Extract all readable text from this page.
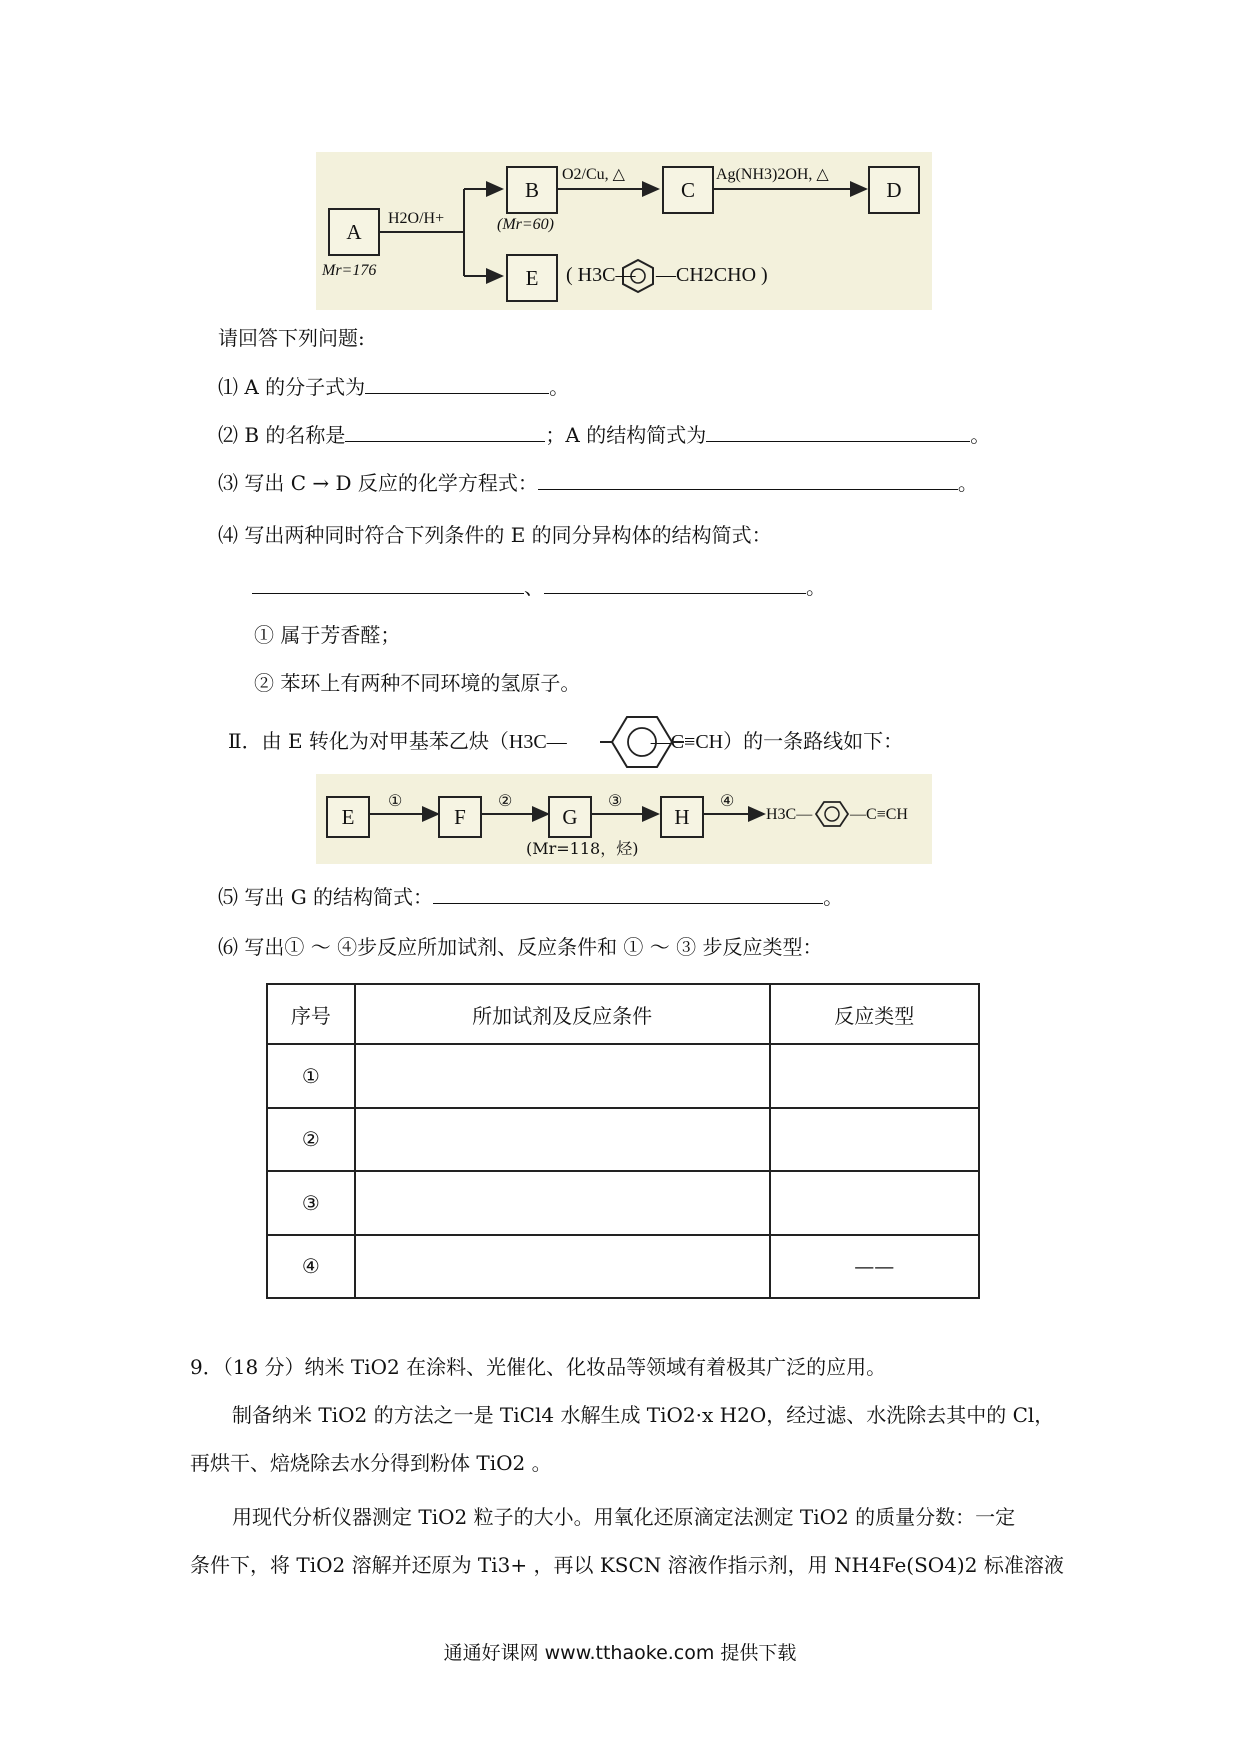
A
Mr=176
H2O/H+
B
(Mr=60)
O2/Cu, △
C
Ag(NH3)2OH, △
D
E	( H3C— —CH2CHO )
请回答下列问题:
⑴ A 的分子式为	。
⑵ B 的名称是	；A 的结构简式为	。
⑶ 写出 C → D 反应的化学方程式：	。
⑷ 写出两种同时符合下列条件的 E 的同分异构体的结构简式：
、	。
① 属于芳香醛；
② 苯环上有两种不同环境的氢原子。
Ⅱ．由 E 转化为对甲基苯乙炔（H3C—	—C≡CH）的一条路线如下：
E
①
F
②
G
(Mr=118，烃)
③
H
④
H3C— —C≡CH
⑸ 写出 G 的结构简式：	。
⑹ 写出① ～ ④步反应所加试剂、反应条件和 ① ～ ③ 步反应类型：
序号	所加试剂及反应条件	反应类型
①		
②		
③		
④		——
9．（18 分）纳米 TiO2 在涂料、光催化、化妆品等领域有着极其广泛的应用。
制备纳米 TiO2 的方法之一是 TiCl4 水解生成 TiO2·x H2O，经过滤、水洗除去其中的 Cl，
再烘干、焙烧除去水分得到粉体 TiO2 。
用现代分析仪器测定 TiO2 粒子的大小。用氧化还原滴定法测定 TiO2 的质量分数：一定
条件下，将 TiO2 溶解并还原为 Ti3+ ，再以 KSCN 溶液作指示剂，用 NH4Fe(SO4)2 标准溶液
通通好课网 www.tthaoke.com 提供下载
